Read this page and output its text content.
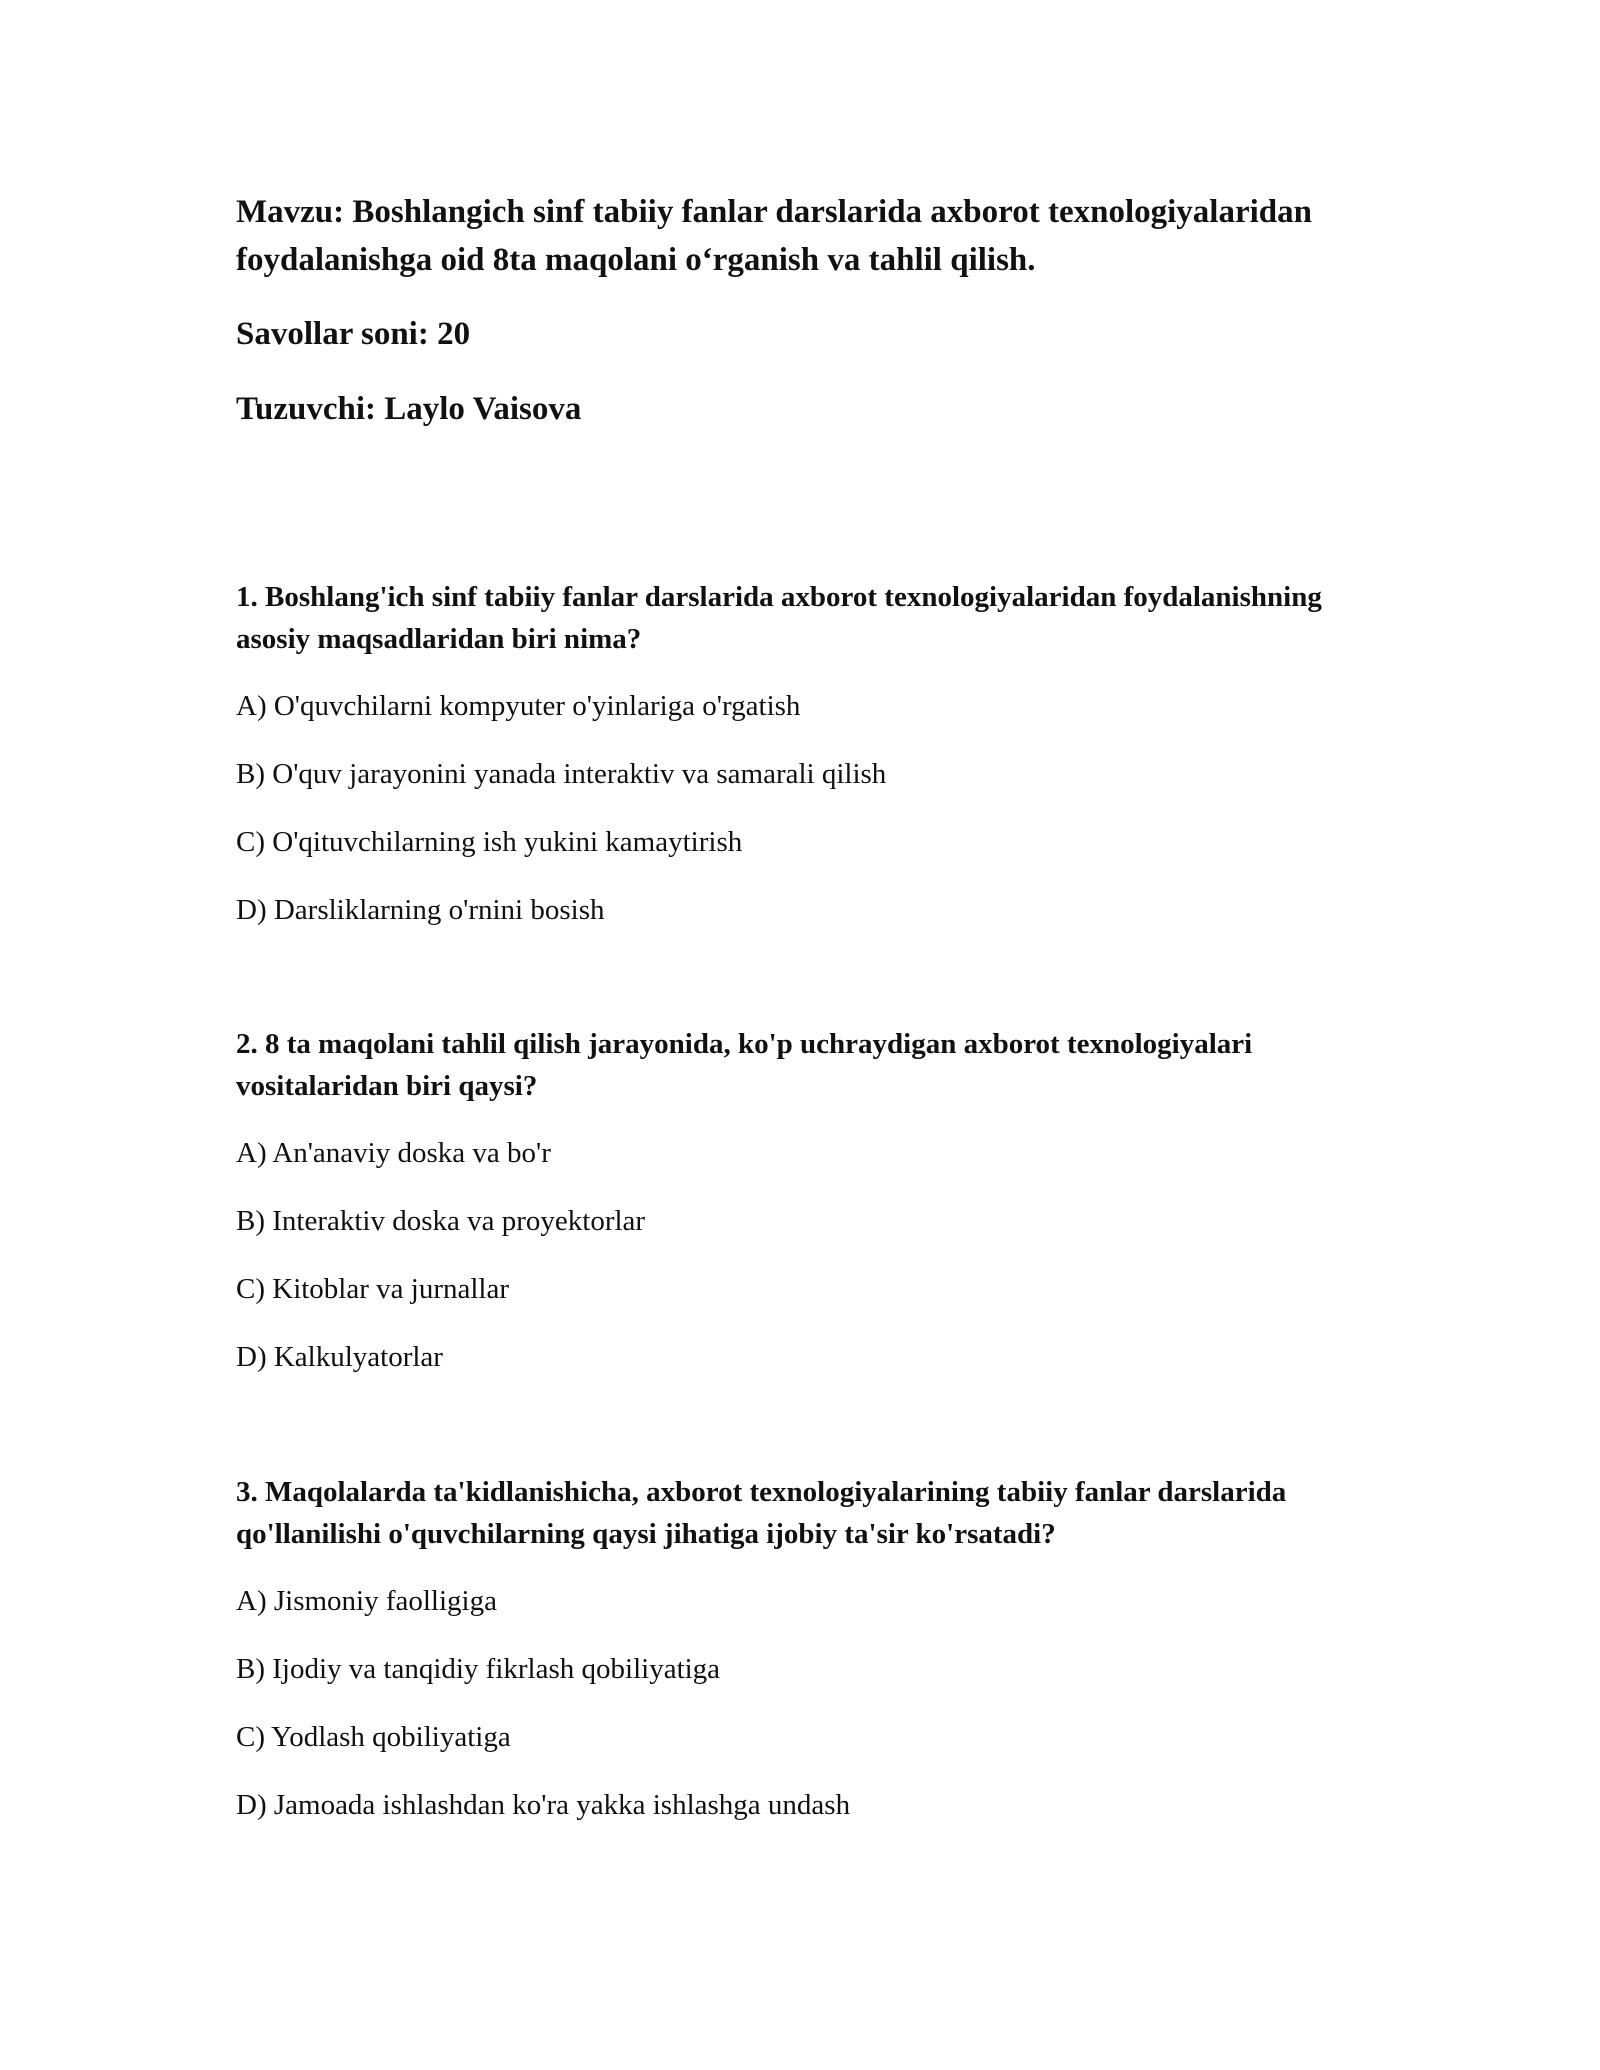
Mavzu: Boshlangich sinf tabiiy fanlar darslarida axborot texnologiyalaridan foydalanishga oid 8ta maqolani o‘rganish va tahlil qilish.

Savollar soni: 20

Tuzuvchi: Laylo Vaisova

1. Boshlang'ich sinf tabiiy fanlar darslarida axborot texnologiyalaridan foydalanishning asosiy maqsadlaridan biri nima?

A) O'quvchilarni kompyuter o'yinlariga o'rgatish

B) O'quv jarayonini yanada interaktiv va samarali qilish

C) O'qituvchilarning ish yukini kamaytirish

D) Darsliklarning o'rnini bosish

2. 8 ta maqolani tahlil qilish jarayonida, ko'p uchraydigan axborot texnologiyalari vositalaridan biri qaysi?

A) An'anaviy doska va bo'r

B) Interaktiv doska va proyektorlar

C) Kitoblar va jurnallar

D) Kalkulyatorlar

3. Maqolalarda ta'kidlanishicha, axborot texnologiyalarining tabiiy fanlar darslarida qo'llanilishi o'quvchilarning qaysi jihatiga ijobiy ta'sir ko'rsatadi?

A) Jismoniy faolligiga

B) Ijodiy va tanqidiy fikrlash qobiliyatiga

C) Yodlash qobiliyatiga

D) Jamoada ishlashdan ko'ra yakka ishlashga undash
